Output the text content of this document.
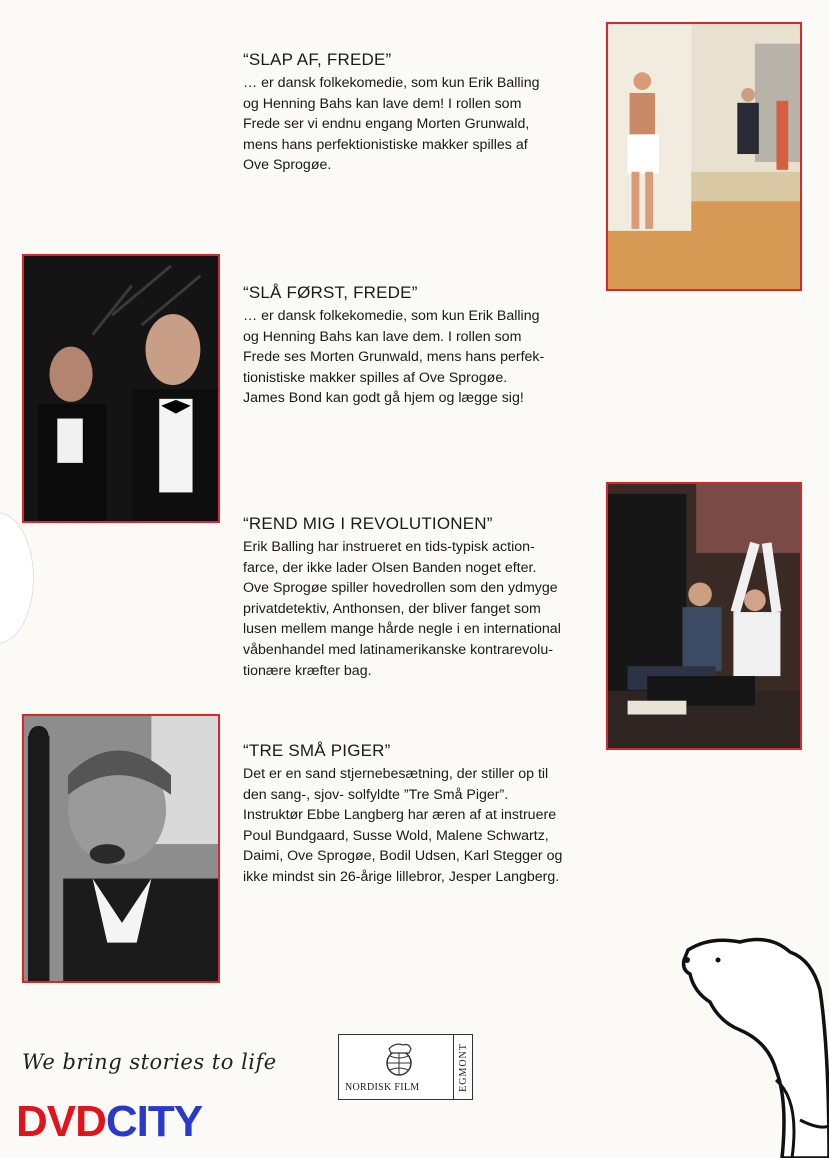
“SLAP AF, FREDE”

… er dansk folkekomedie, som kun Erik Balling
og Henning Bahs kan lave dem! I rollen som
Frede ser vi endnu engang Morten Grunwald,
mens hans perfektionistiske makker spilles af
Ove Sprogøe.

“SLÅ FØRST, FREDE”

… er dansk folkekomedie, som kun Erik Balling
og Henning Bahs kan lave dem. I rollen som
Frede ses Morten Grunwald, mens hans perfek-
tionistiske makker spilles af Ove Sprogøe.
James Bond kan godt gå hjem og lægge sig!

“REND MIG I REVOLUTIONEN”

Erik Balling har instrueret en tids-typisk action-
farce, der ikke lader Olsen Banden noget efter.
Ove Sprogøe spiller hovedrollen som den ydmyge
privatdetektiv, Anthonsen, der bliver fanget som
lusen mellem mange hårde negle i en international
våbenhandel med latinamerikanske kontrarevolu-
tionære kræfter bag.

“TRE SMÅ PIGER”

Det er en sand stjernebesætning, der stiller op til
den sang-, sjov- solfyldte ”Tre Små Piger”.
Instruktør Ebbe Langberg har æren af at instruere
Poul Bundgaard, Susse Wold, Malene Schwartz,
Daimi, Ove Sprogøe, Bodil Udsen, Karl Stegger og
ikke mindst sin 26-årige lillebror, Jesper Langberg.

We bring stories to life
NORDISK FILM	EGMONT
DVDCITY
